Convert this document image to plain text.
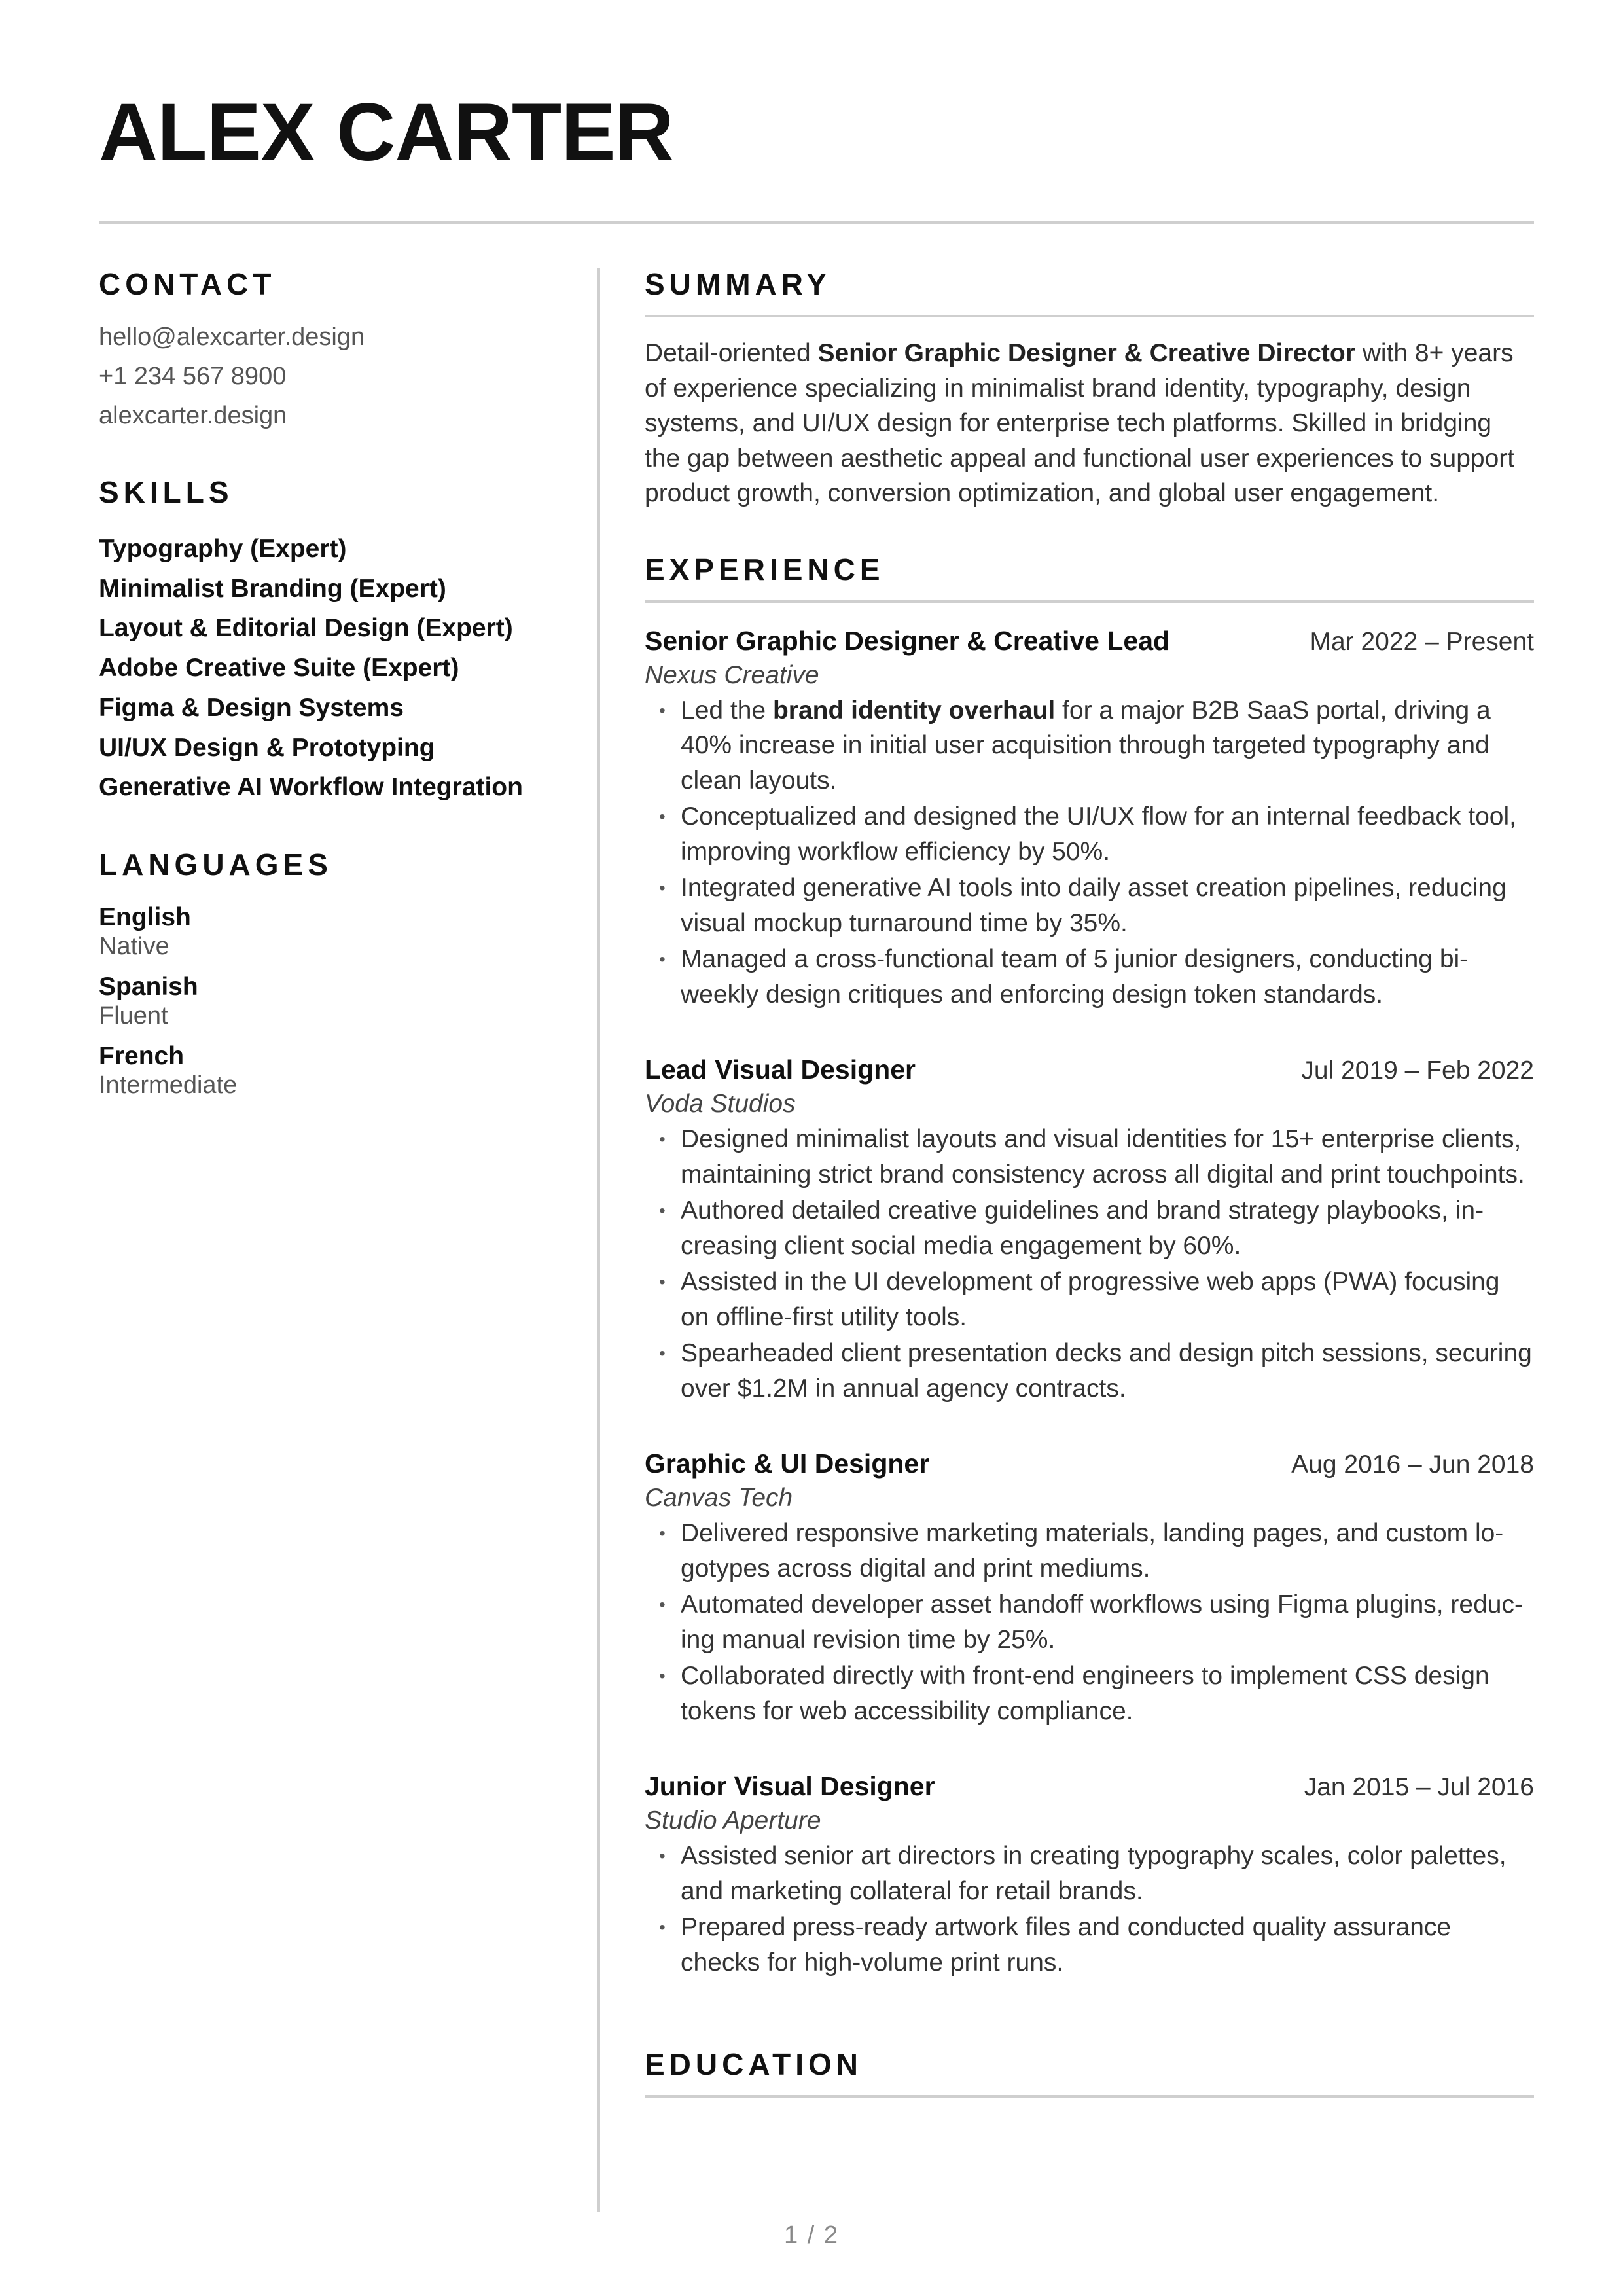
ALEX CARTER
CONTACT
hello@alexcarter.design
+1 234 567 8900
alexcarter.design
SKILLS
Typography (Expert)
Minimalist Branding (Expert)
Layout & Editorial Design (Expert)
Adobe Creative Suite (Expert)
Figma & Design Systems
UI/UX Design & Prototyping
Generative AI Workflow Integration
LANGUAGES
English
Native
Spanish
Fluent
French
Intermediate
SUMMARY

Detail-oriented Senior Graphic Designer & Creative Director with 8+ years of experience specializing in minimalist brand identity, typography, design systems, and UI/UX design for enterprise tech platforms. Skilled in bridging the gap between aesthetic appeal and functional user experiences to support product growth, conversion optimization, and global user engagement.

EXPERIENCE
Senior Graphic Designer & Creative Lead	Mar 2022 – Present
Nexus Creative
• Led the brand identity overhaul for a major B2B SaaS portal, driving a 40% increase in initial user acquisition through targeted typography and clean layouts.
• Conceptualized and designed the UI/UX flow for an internal feedback tool, improving workflow efficiency by 50%.
• Integrated generative AI tools into daily asset creation pipelines, reducing visual mockup turnaround time by 35%.
• Managed a cross-functional team of 5 junior designers, conducting bi-weekly design critiques and enforcing design token standards.
Lead Visual Designer	Jul 2019 – Feb 2022
Voda Studios
• Designed minimalist layouts and visual identities for 15+ enterprise clients, maintaining strict brand consistency across all digital and print touchpoints.
• Authored detailed creative guidelines and brand strategy playbooks, in-creasing client social media engagement by 60%.
• Assisted in the UI development of progressive web apps (PWA) focusing on offline-first utility tools.
• Spearheaded client presentation decks and design pitch sessions, securing over $1.2M in annual agency contracts.
Graphic & UI Designer	Aug 2016 – Jun 2018
Canvas Tech
• Delivered responsive marketing materials, landing pages, and custom lo-gotypes across digital and print mediums.
• Automated developer asset handoff workflows using Figma plugins, reduc-ing manual revision time by 25%.
• Collaborated directly with front-end engineers to implement CSS design tokens for web accessibility compliance.
Junior Visual Designer	Jan 2015 – Jul 2016
Studio Aperture
• Assisted senior art directors in creating typography scales, color palettes, and marketing collateral for retail brands.
• Prepared press-ready artwork files and conducted quality assurance checks for high-volume print runs.
EDUCATION
1 / 2
